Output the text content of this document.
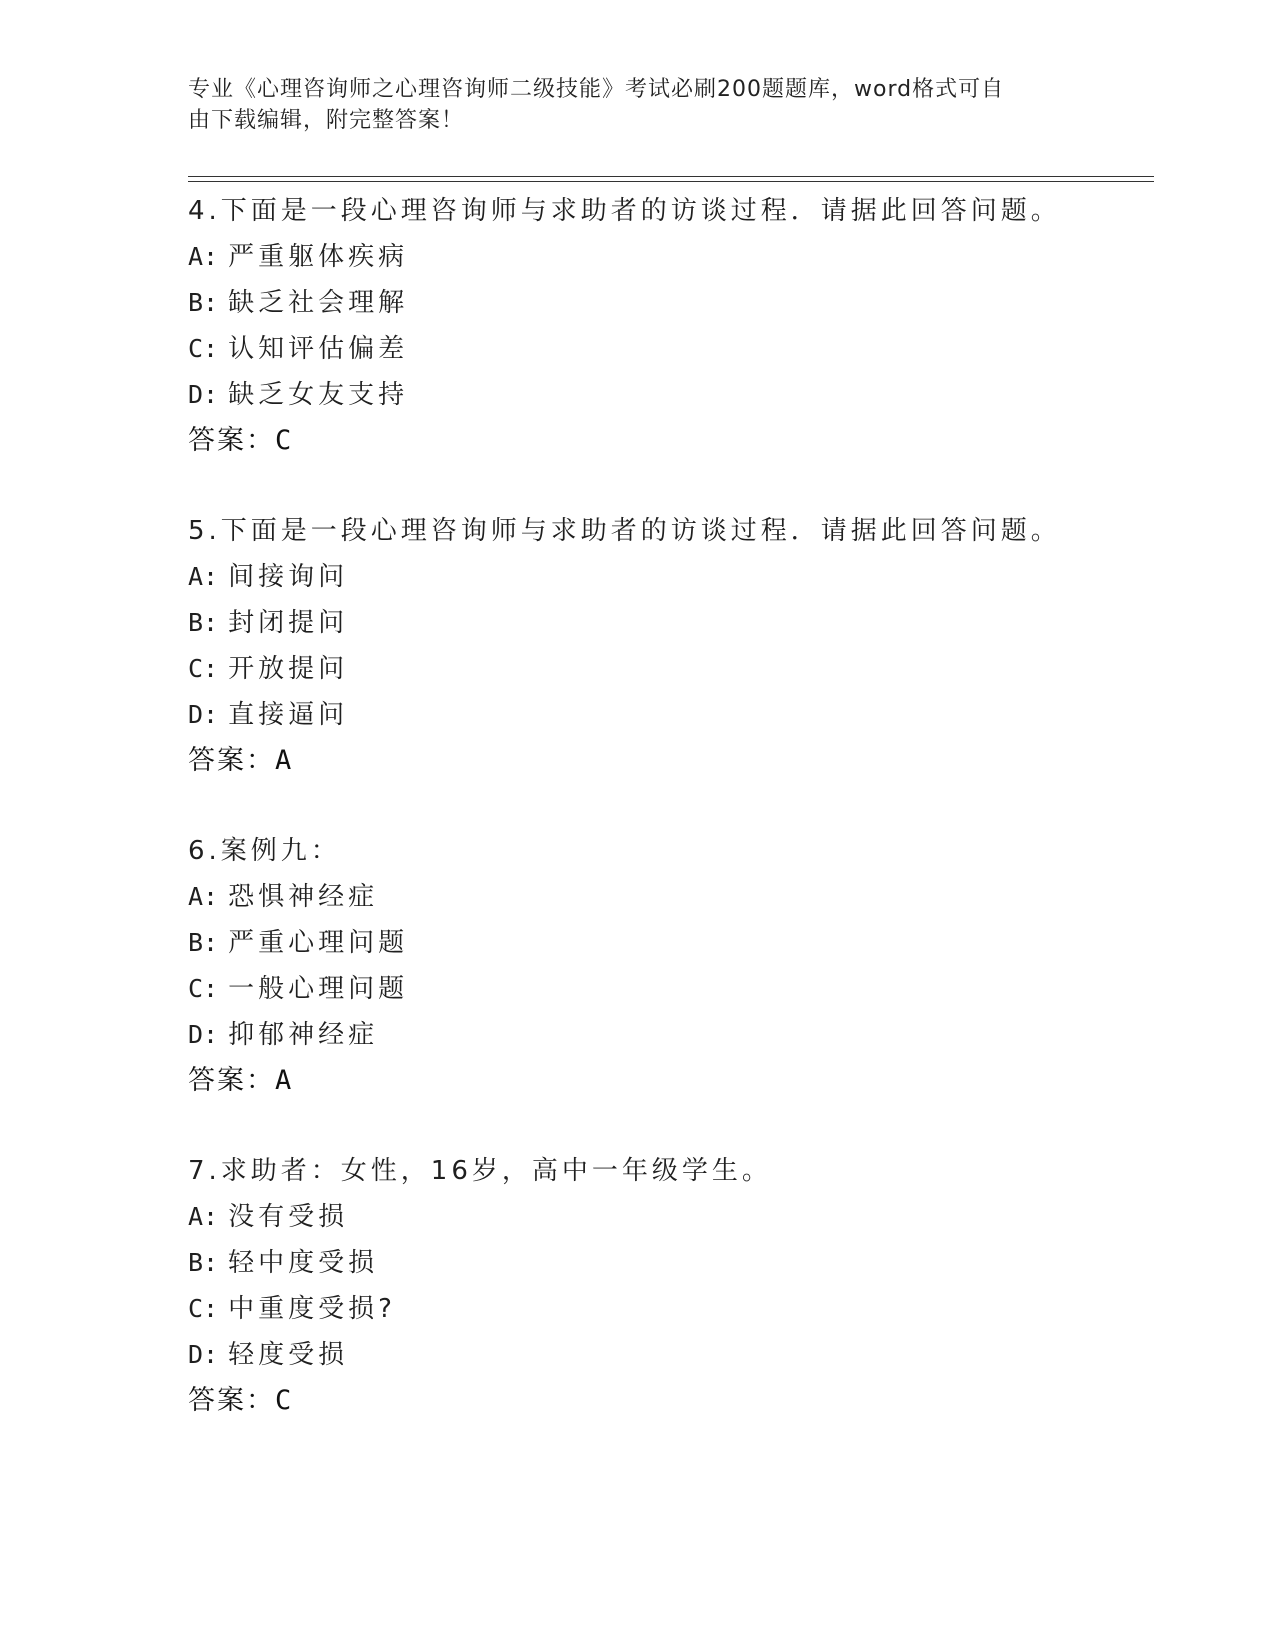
专业《心理咨询师之心理咨询师二级技能》考试必刷200题题库，word格式可自
由下载编辑，附完整答案！
4.下面是一段心理咨询师与求助者的访谈过程．请据此回答问题。
A: 严重躯体疾病
B: 缺乏社会理解
C: 认知评估偏差
D: 缺乏女友支持
答案：C
5.下面是一段心理咨询师与求助者的访谈过程．请据此回答问题。
A: 间接询问
B: 封闭提问
C: 开放提问
D: 直接逼问
答案：A
6.案例九：
A: 恐惧神经症
B: 严重心理问题
C: 一般心理问题
D: 抑郁神经症
答案：A
7.求助者：女性，16岁，高中一年级学生。
A: 没有受损
B: 轻中度受损
C: 中重度受损?
D: 轻度受损
答案：C
